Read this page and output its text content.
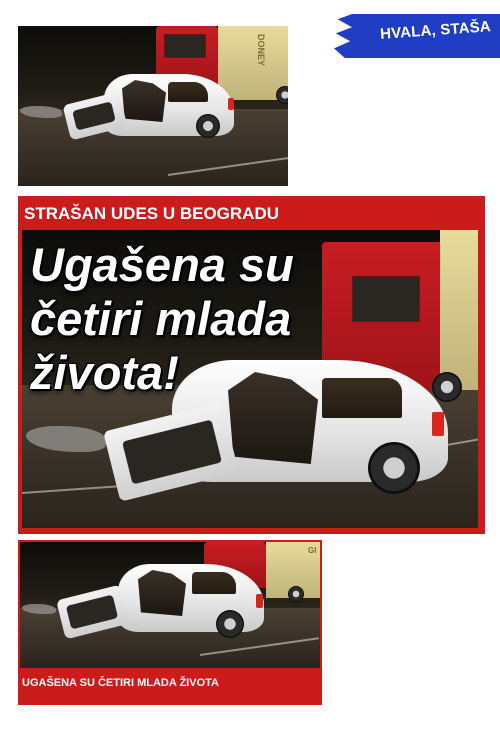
DONEY
HVALA, STAŠA
STRAŠAN UDES U BEOGRADU
Ugašena su
četiri mlada
života!
GI
UGAŠENA SU ČETIRI MLADA ŽIVOTA
